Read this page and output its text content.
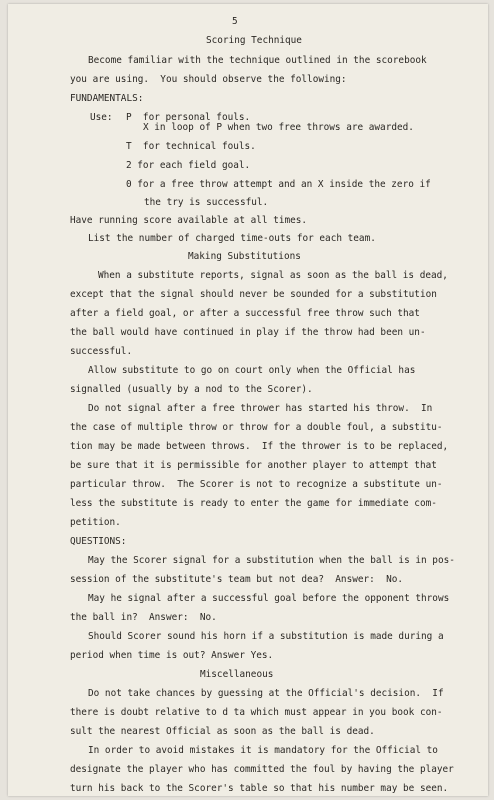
5
Scoring Technique
Become familiar with the technique outlined in the scorebook
you are using.  You should observe the following:
FUNDAMENTALS:
Use: P  for personal fouls.
X in loop of P when two free throws are awarded.
T  for technical fouls.
2 for each field goal.
0 for a free throw attempt and an X inside the zero if
the try is successful.
Have running score available at all times.
List the number of charged time-outs for each team.
Making Substitutions
When a substitute reports, signal as soon as the ball is dead,
except that the signal should never be sounded for a substitution
after a field goal, or after a successful free throw such that
the ball would have continued in play if the throw had been un-
successful.
Allow substitute to go on court only when the Official has
signalled (usually by a nod to the Scorer).
Do not signal after a free thrower has started his throw.  In
the case of multiple throw or throw for a double foul, a substitu-
tion may be made between throws.  If the thrower is to be replaced,
be sure that it is permissible for another player to attempt that
particular throw.  The Scorer is not to recognize a substitute un-
less the substitute is ready to enter the game for immediate com-
petition.
QUESTIONS:
May the Scorer signal for a substitution when the ball is in pos-
session of the substitute's team but not dea?  Answer:  No.
May he signal after a successful goal before the opponent throws
the ball in?  Answer:  No.
Should Scorer sound his horn if a substitution is made during a
period when time is out? Answer Yes.
Miscellaneous
Do not take chances by guessing at the Official's decision.  If
there is doubt relative to d ta which must appear in you book con-
sult the nearest Official as soon as the ball is dead.
In order to avoid mistakes it is mandatory for the Official to
designate the player who has committed the foul by having the player
turn his back to the Scorer's table so that his number may be seen.
